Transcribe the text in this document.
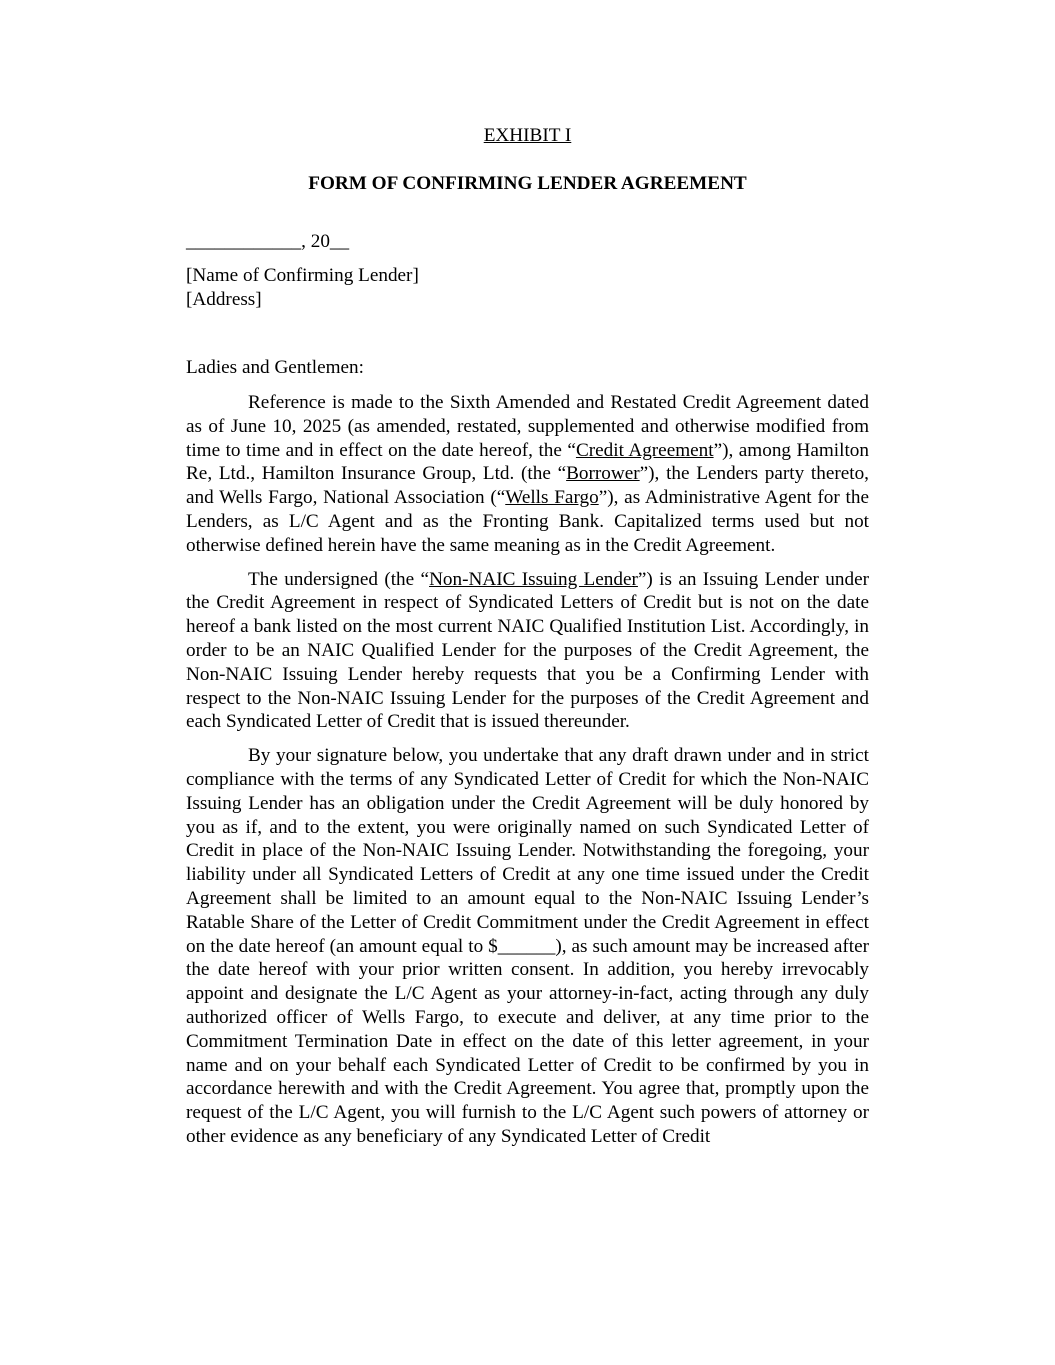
EXHIBIT I
FORM OF CONFIRMING LENDER AGREEMENT
____________, 20__
[Name of Confirming Lender]
[Address]
Ladies and Gentlemen:

Reference is made to the Sixth Amended and Restated Credit Agreement dated as of June 10, 2025 (as amended, restated, supplemented and otherwise modified from time to time and in effect on the date hereof, the “Credit Agreement”), among Hamilton Re, Ltd., Hamilton Insurance Group, Ltd. (the “Borrower”), the Lenders party thereto, and Wells Fargo, National Association (“Wells Fargo”), as Administrative Agent for the Lenders, as L/C Agent and as the Fronting Bank. Capitalized terms used but not otherwise defined herein have the same meaning as in the Credit Agreement.

The undersigned (the “Non-NAIC Issuing Lender”) is an Issuing Lender under the Credit Agreement in respect of Syndicated Letters of Credit but is not on the date hereof a bank listed on the most current NAIC Qualified Institution List. Accordingly, in order to be an NAIC Qualified Lender for the purposes of the Credit Agreement, the Non-NAIC Issuing Lender hereby requests that you be a Confirming Lender with respect to the Non-NAIC Issuing Lender for the purposes of the Credit Agreement and each Syndicated Letter of Credit that is issued thereunder.

By your signature below, you undertake that any draft drawn under and in strict compliance with the terms of any Syndicated Letter of Credit for which the Non-NAIC Issuing Lender has an obligation under the Credit Agreement will be duly honored by you as if, and to the extent, you were originally named on such Syndicated Letter of Credit in place of the Non-NAIC Issuing Lender. Notwithstanding the foregoing, your liability under all Syndicated Letters of Credit at any one time issued under the Credit Agreement shall be limited to an amount equal to the Non-NAIC Issuing Lender’s Ratable Share of the Letter of Credit Commitment under the Credit Agreement in effect on the date hereof (an amount equal to $______), as such amount may be increased after the date hereof with your prior written consent. In addition, you hereby irrevocably appoint and designate the L/C Agent as your attorney-in-fact, acting through any duly authorized officer of Wells Fargo, to execute and deliver, at any time prior to the Commitment Termination Date in effect on the date of this letter agreement, in your name and on your behalf each Syndicated Letter of Credit to be confirmed by you in accordance herewith and with the Credit Agreement. You agree that, promptly upon the request of the L/C Agent, you will furnish to the L/C Agent such powers of attorney or other evidence as any beneficiary of any Syndicated Letter of Credit
